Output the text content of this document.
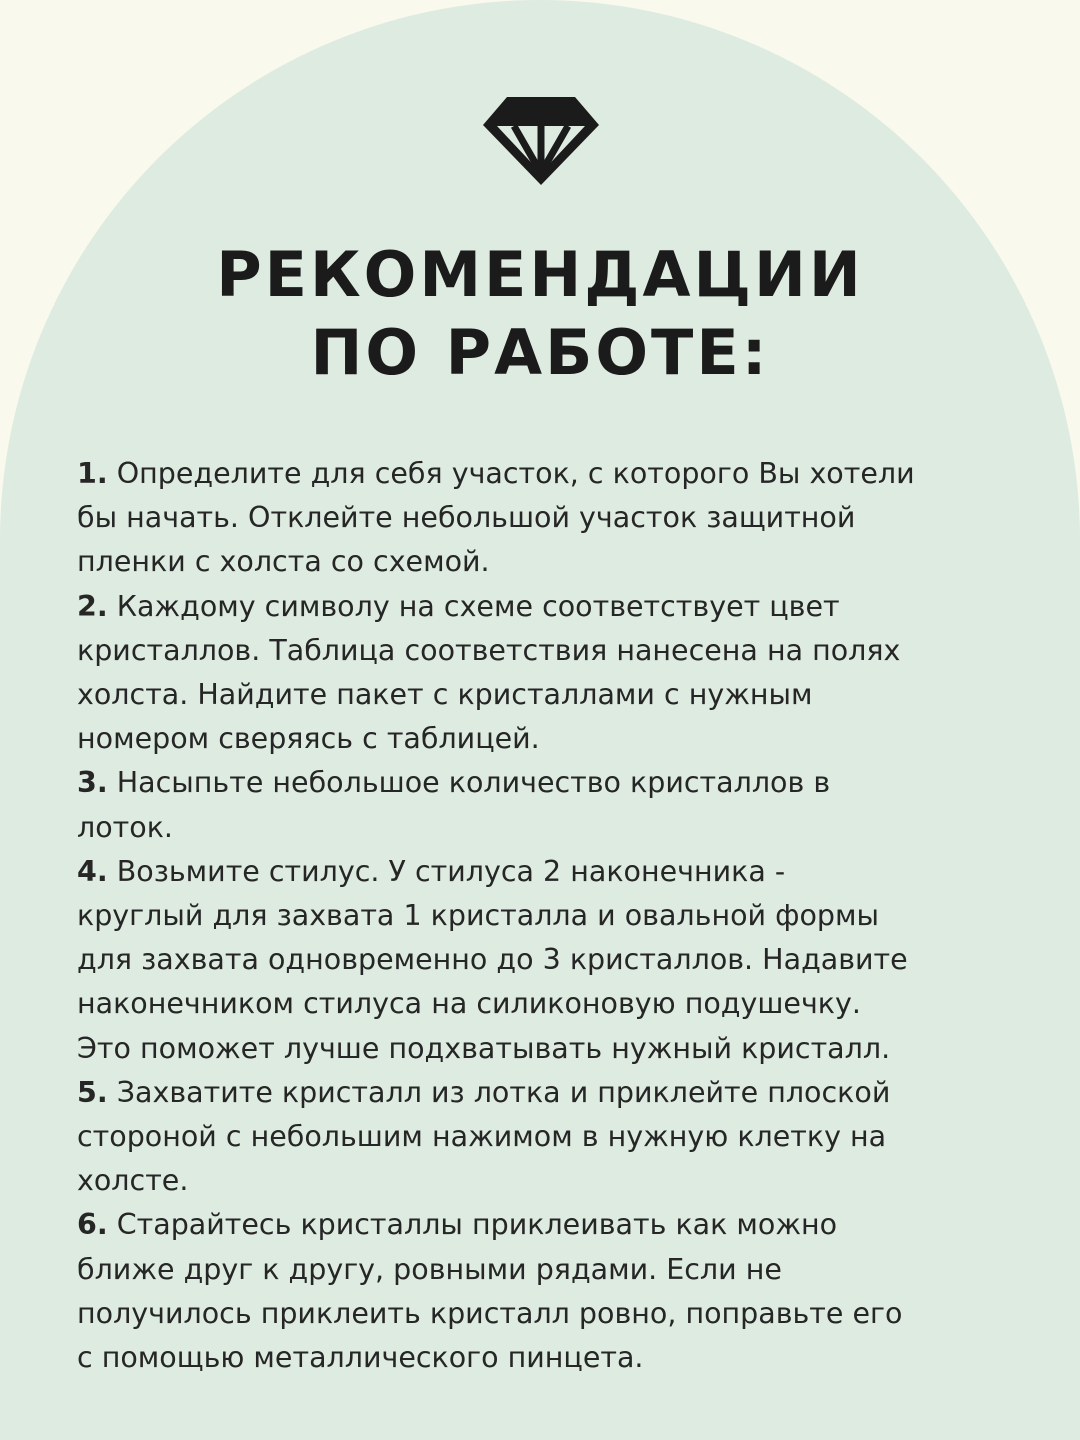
РЕКОМЕНДАЦИИ
ПО РАБОТЕ:

1. Определите для себя участок, с которого Вы хотели
бы начать. Отклейте небольшой участок защитной
пленки с холста со схемой.

2. Каждому символу на схеме соответствует цвет
кристаллов. Таблица соответствия нанесена на полях
холста. Найдите пакет с кристаллами с нужным
номером сверяясь с таблицей.

3. Насыпьте небольшое количество кристаллов в
лоток.

4. Возьмите стилус. У стилуса 2 наконечника -
круглый для захвата 1 кристалла и овальной формы
для захвата одновременно до 3 кристаллов. Надавите
наконечником стилуса на силиконовую подушечку.
Это поможет лучше подхватывать нужный кристалл.

5. Захватите кристалл из лотка и приклейте плоской
стороной с небольшим нажимом в нужную клетку на
холсте.

6. Старайтесь кристаллы приклеивать как можно
ближе друг к другу, ровными рядами. Если не
получилось приклеить кристалл ровно, поправьте его
с помощью металлического пинцета.
